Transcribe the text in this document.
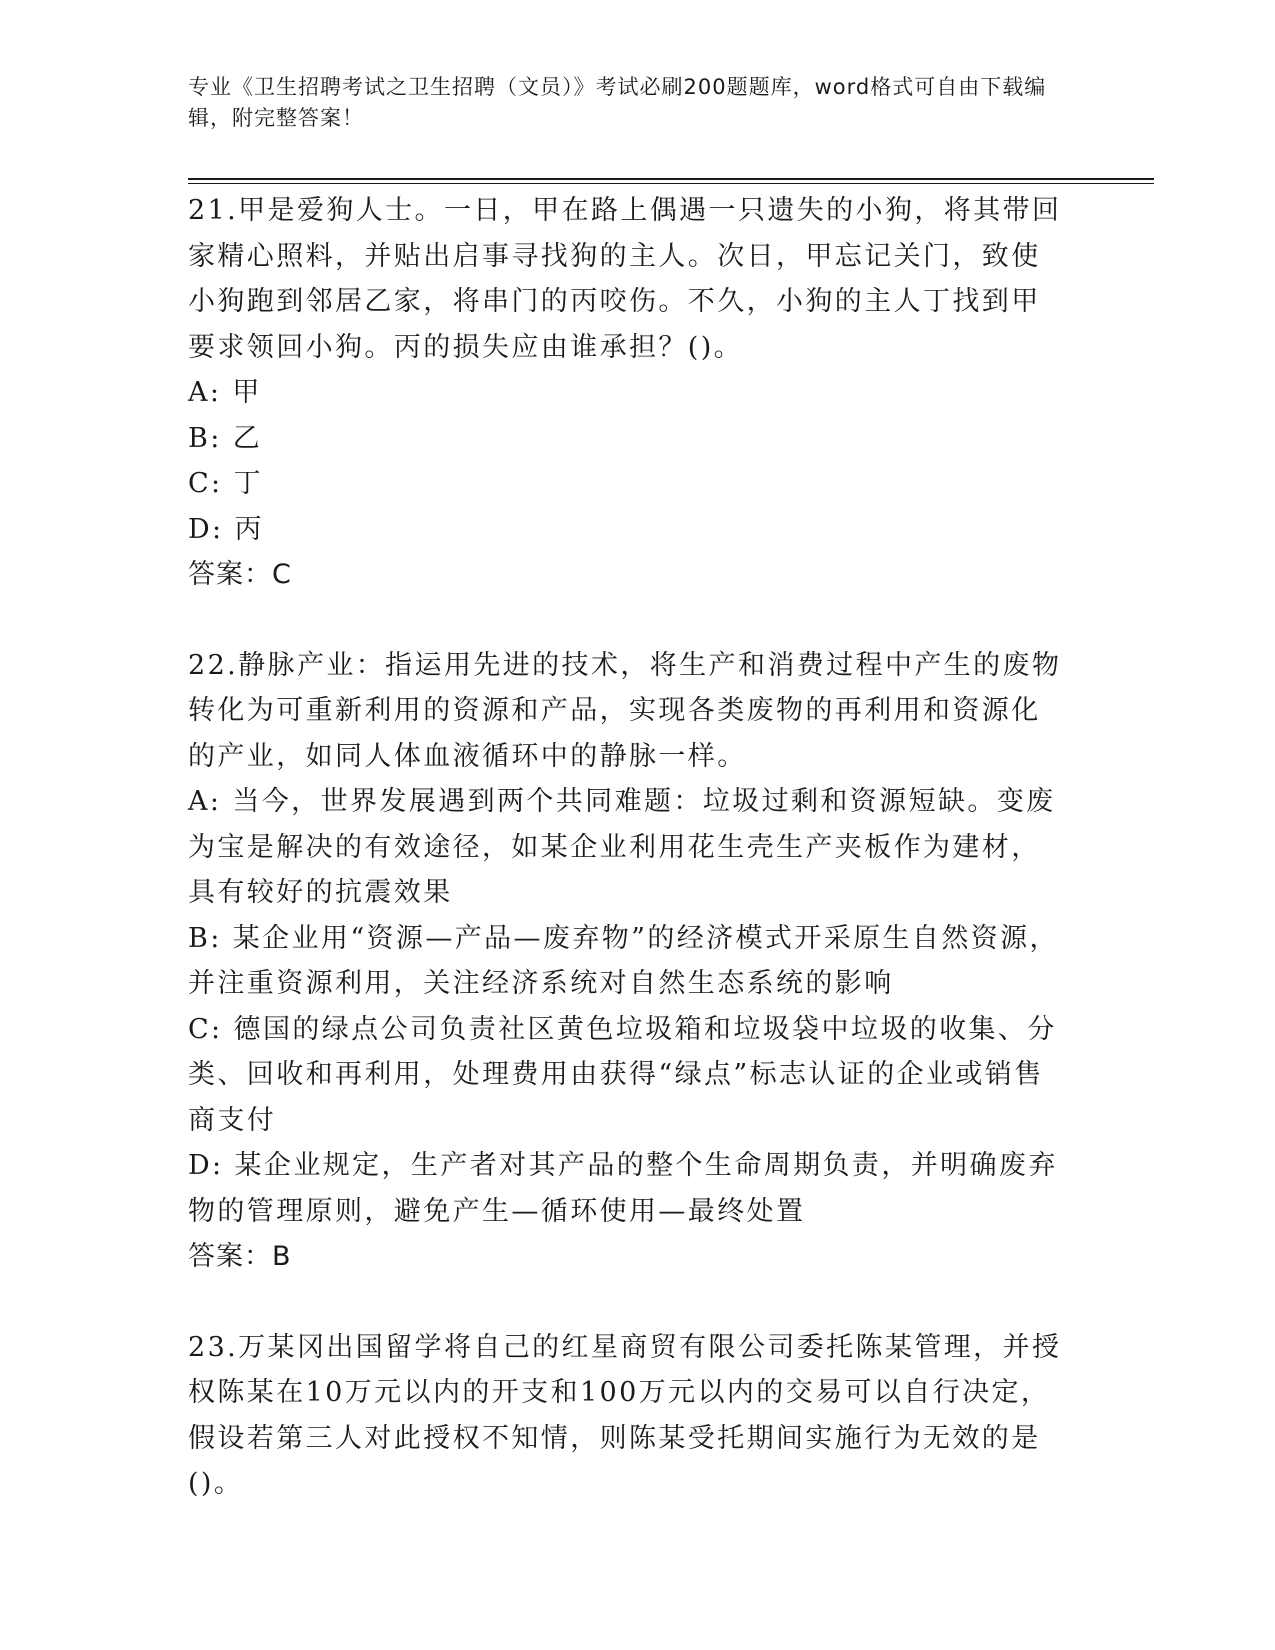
专业《卫生招聘考试之卫生招聘（文员）》考试必刷200题题库，word格式可自由下载编辑，附完整答案！

21.甲是爱狗人士。一日，甲在路上偶遇一只遗失的小狗，将其带回家精心照料，并贴出启事寻找狗的主人。次日，甲忘记关门，致使小狗跑到邻居乙家，将串门的丙咬伤。不久，小狗的主人丁找到甲要求领回小狗。丙的损失应由谁承担？()。

A: 甲

B: 乙

C: 丁

D: 丙

答案：C

22.静脉产业：指运用先进的技术，将生产和消费过程中产生的废物转化为可重新利用的资源和产品，实现各类废物的再利用和资源化的产业，如同人体血液循环中的静脉一样。

A: 当今，世界发展遇到两个共同难题：垃圾过剩和资源短缺。变废为宝是解决的有效途径，如某企业利用花生壳生产夹板作为建材，具有较好的抗震效果

B: 某企业用“资源—产品—废弃物”的经济模式开采原生自然资源，并注重资源利用，关注经济系统对自然生态系统的影响

C: 德国的绿点公司负责社区黄色垃圾箱和垃圾袋中垃圾的收集、分类、回收和再利用，处理费用由获得“绿点”标志认证的企业或销售商支付

D: 某企业规定，生产者对其产品的整个生命周期负责，并明确废弃物的管理原则，避免产生—循环使用—最终处置

答案：B

23.万某冈出国留学将自己的红星商贸有限公司委托陈某管理，并授权陈某在10万元以内的开支和100万元以内的交易可以自行决定，假设若第三人对此授权不知情，则陈某受托期间实施行为无效的是()。
